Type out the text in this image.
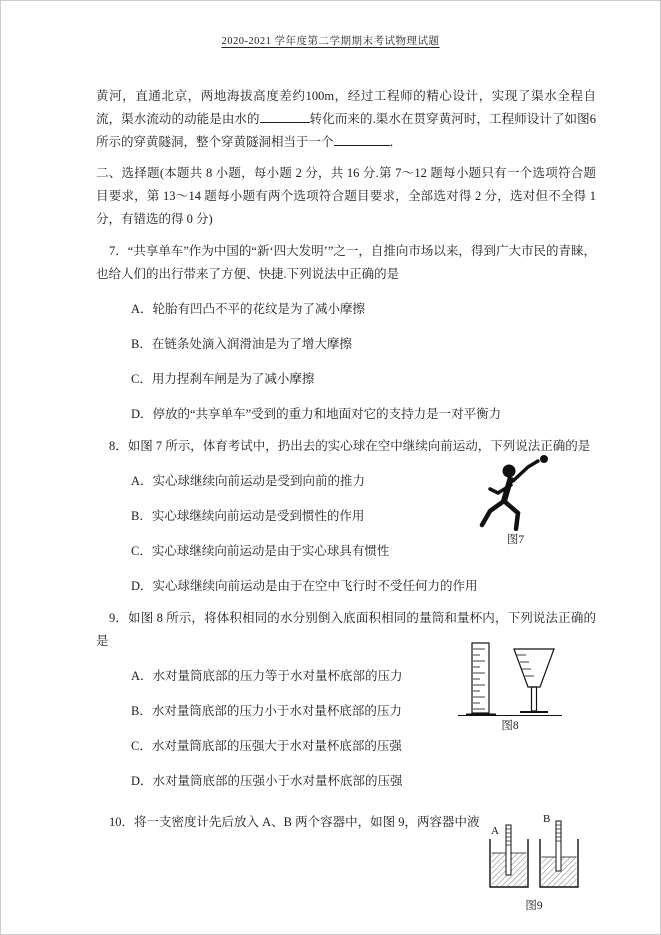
2020-2021 学年度第二学期期末考试物理试题

黄河，直通北京，两地海拔高度差约100m，经过工程师的精心设计，实现了渠水全程自流，渠水流动的动能是由水的	转化而来的.渠水在贯穿黄河时，工程师设计了如图6所示的穿黄隧洞，整个穿黄隧洞相当于一个	．

二、选择题(本题共 8 小题，每小题 2 分，共 16 分.第 7～12 题每小题只有一个选项符合题目要求，第 13～14 题每小题有两个选项符合题目要求，全部选对得 2 分，选对但不全得 1 分，有错选的得 0 分)

7．“共享单车”作为中国的“新‘四大发明’”之一，自推向市场以来，得到广大市民的青睐，也给人们的出行带来了方便、快捷.下列说法中正确的是

A．轮胎有凹凸不平的花纹是为了减小摩擦

B．在链条处滴入润滑油是为了增大摩擦

C．用力捏刹车闸是为了减小摩擦

D．停放的“共享单车”受到的重力和地面对它的支持力是一对平衡力

8．如图 7 所示，体育考试中，扔出去的实心球在空中继续向前运动，下列说法正确的是

A．实心球继续向前运动是受到向前的推力

B．实心球继续向前运动是受到惯性的作用

C．实心球继续向前运动是由于实心球具有惯性

D．实心球继续向前运动是由于在空中飞行时不受任何力的作用

9．如图 8 所示，将体积相同的水分别倒入底面积相同的量筒和量杯内，下列说法正确的是

A．水对量筒底部的压力等于水对量杯底部的压力

B．水对量筒底部的压力小于水对量杯底部的压力

C．水对量筒底部的压强大于水对量杯底部的压强

D．水对量筒底部的压强小于水对量杯底部的压强

10．将一支密度计先后放入 A、B 两个容器中，如图 9，两容器中液

图7
图8
A
B
图9
